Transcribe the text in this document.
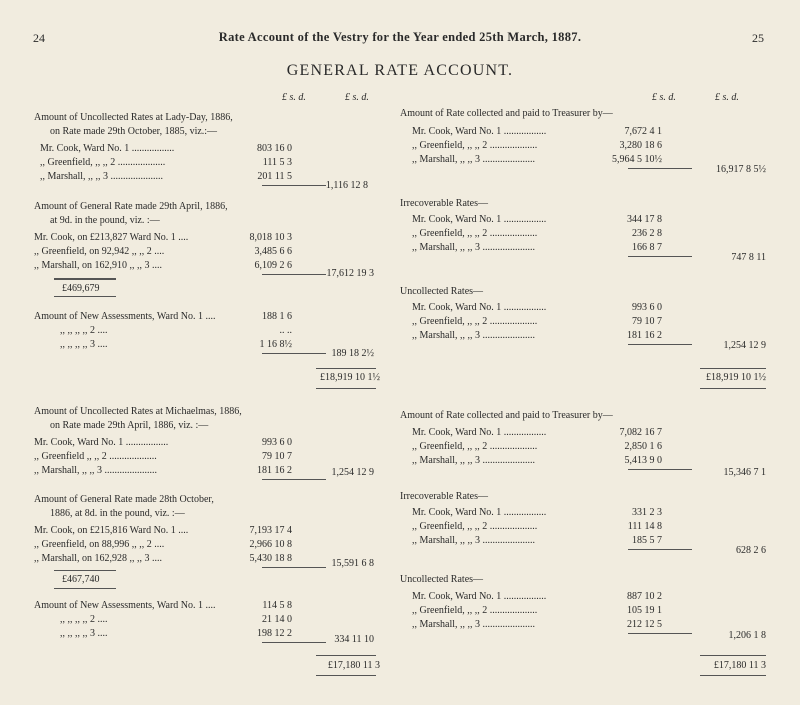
24	Rate Account of the Vestry for the Year ended 25th March, 1887.	25
GENERAL RATE ACCOUNT.
£ s. d.	£ s. d.	£ s. d.	£ s. d.
Amount of Uncollected Rates at Lady-Day, 1886,
on Rate made 29th October, 1885, viz.:—
Mr. Cook, Ward No. 1 .................	803 16 0
,, Greenfield, ,, ,, 2 ...................	111 5 3
,, Marshall, ,, ,, 3 .....................	201 11 5
1,116 12 8
Amount of General Rate made 29th April, 1886,
at 9d. in the pound, viz. :—
Mr. Cook, on £213,827 Ward No. 1 ....	8,018 10 3
,, Greenfield, on 92,942 ,, ,, 2 ....	3,485 6 6
,, Marshall, on 162,910 ,, ,, 3 ....	6,109 2 6
17,612 19 3
£469,679
Amount of New Assessments, Ward No. 1 ....	188 1 6
,, ,, ,, ,, 2 ....	.. ..
,, ,, ,, ,, 3 ....	1 16 8½
189 18 2½
£18,919 10 1½
Amount of Rate collected and paid to Treasurer by—
Mr. Cook, Ward No. 1 .................	7,672 4 1
,, Greenfield, ,, ,, 2 ...................	3,280 18 6
,, Marshall, ,, ,, 3 .....................	5,964 5 10½
16,917 8 5½
Irrecoverable Rates—
Mr. Cook, Ward No. 1 .................	344 17 8
,, Greenfield, ,, ,, 2 ...................	236 2 8
,, Marshall, ,, ,, 3 .....................	166 8 7
747 8 11
Uncollected Rates—
Mr. Cook, Ward No. 1 .................	993 6 0
,, Greenfield, ,, ,, 2 ...................	79 10 7
,, Marshall, ,, ,, 3 .....................	181 16 2
1,254 12 9
£18,919 10 1½
Amount of Uncollected Rates at Michaelmas, 1886,
on Rate made 29th April, 1886, viz. :—
Mr. Cook, Ward No. 1 .................	993 6 0
,, Greenfield ,, ,, 2 ...................	79 10 7
,, Marshall, ,, ,, 3 .....................	181 16 2	1,254 12 9
Amount of General Rate made 28th October,
1886, at 8d. in the pound, viz. :—
Mr. Cook, on £215,816 Ward No. 1 ....	7,193 17 4
,, Greenfield, on 88,996 ,, ,, 2 ....	2,966 10 8
,, Marshall, on 162,928 ,, ,, 3 ....	5,430 18 8	15,591 6 8
£467,740
Amount of New Assessments, Ward No. 1 ....	114 5 8
,, ,, ,, ,, 2 ....	21 14 0
,, ,, ,, ,, 3 ....	198 12 2
334 11 10
£17,180 11 3
Amount of Rate collected and paid to Treasurer by—
Mr. Cook, Ward No. 1 .................	7,082 16 7
,, Greenfield, ,, ,, 2 ...................	2,850 1 6
,, Marshall, ,, ,, 3 .....................	5,413 9 0
15,346 7 1
Irrecoverable Rates—
Mr. Cook, Ward No. 1 .................	331 2 3
,, Greenfield, ,, ,, 2 ...................	111 14 8
,, Marshall, ,, ,, 3 .....................	185 5 7
628 2 6
Uncollected Rates—
Mr. Cook, Ward No. 1 .................	887 10 2
,, Greenfield, ,, ,, 2 ...................	105 19 1
,, Marshall, ,, ,, 3 .....................	212 12 5
1,206 1 8
£17,180 11 3
